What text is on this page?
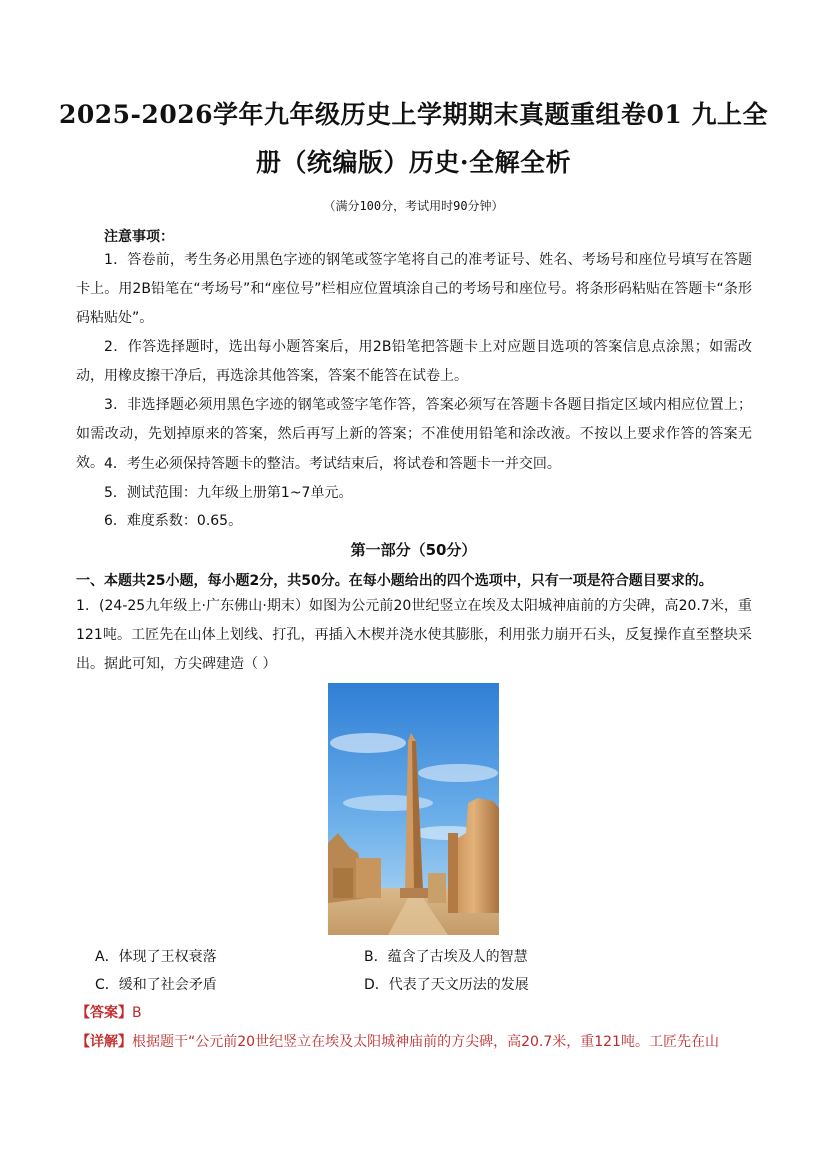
2025-2026学年九年级历史上学期期末真题重组卷01 九上全
册（统编版）历史·全解全析
（满分100分，考试用时90分钟）
注意事项：
1．答卷前，考生务必用黑色字迹的钢笔或签字笔将自己的准考证号、姓名、考场号和座位号填写在答题卡上。用2B铅笔在“考场号”和“座位号”栏相应位置填涂自己的考场号和座位号。将条形码粘贴在答题卡“条形码粘贴处”。
2．作答选择题时，选出每小题答案后，用2B铅笔把答题卡上对应题目选项的答案信息点涂黑；如需改动，用橡皮擦干净后，再选涂其他答案，答案不能答在试卷上。
3．非选择题必须用黑色字迹的钢笔或签字笔作答，答案必须写在答题卡各题目指定区域内相应位置上；如需改动，先划掉原来的答案，然后再写上新的答案；不准使用铅笔和涂改液。不按以上要求作答的答案无效。 4．考生必须保持答题卡的整洁。考试结束后，将试卷和答题卡一并交回。
5．测试范围：九年级上册第1~7单元。
6．难度系数：0.65。
第一部分（50分）
一、本题共25小题，每小题2分，共50分。在每小题给出的四个选项中，只有一项是符合题目要求的。
1．(24-25九年级上·广东佛山·期末）如图为公元前20世纪竖立在埃及太阳城神庙前的方尖碑，高20.7米，重121吨。工匠先在山体上划线、打孔，再插入木楔并浇水使其膨胀，利用张力崩开石头，反复操作直至整块采出。据此可知，方尖碑建造（ ）
A．体现了王权衰落	B．蕴含了古埃及人的智慧
C．缓和了社会矛盾	D．代表了天文历法的发展
【答案】B
【详解】根据题干“公元前20世纪竖立在埃及太阳城神庙前的方尖碑，高20.7米，重121吨。工匠先在山
